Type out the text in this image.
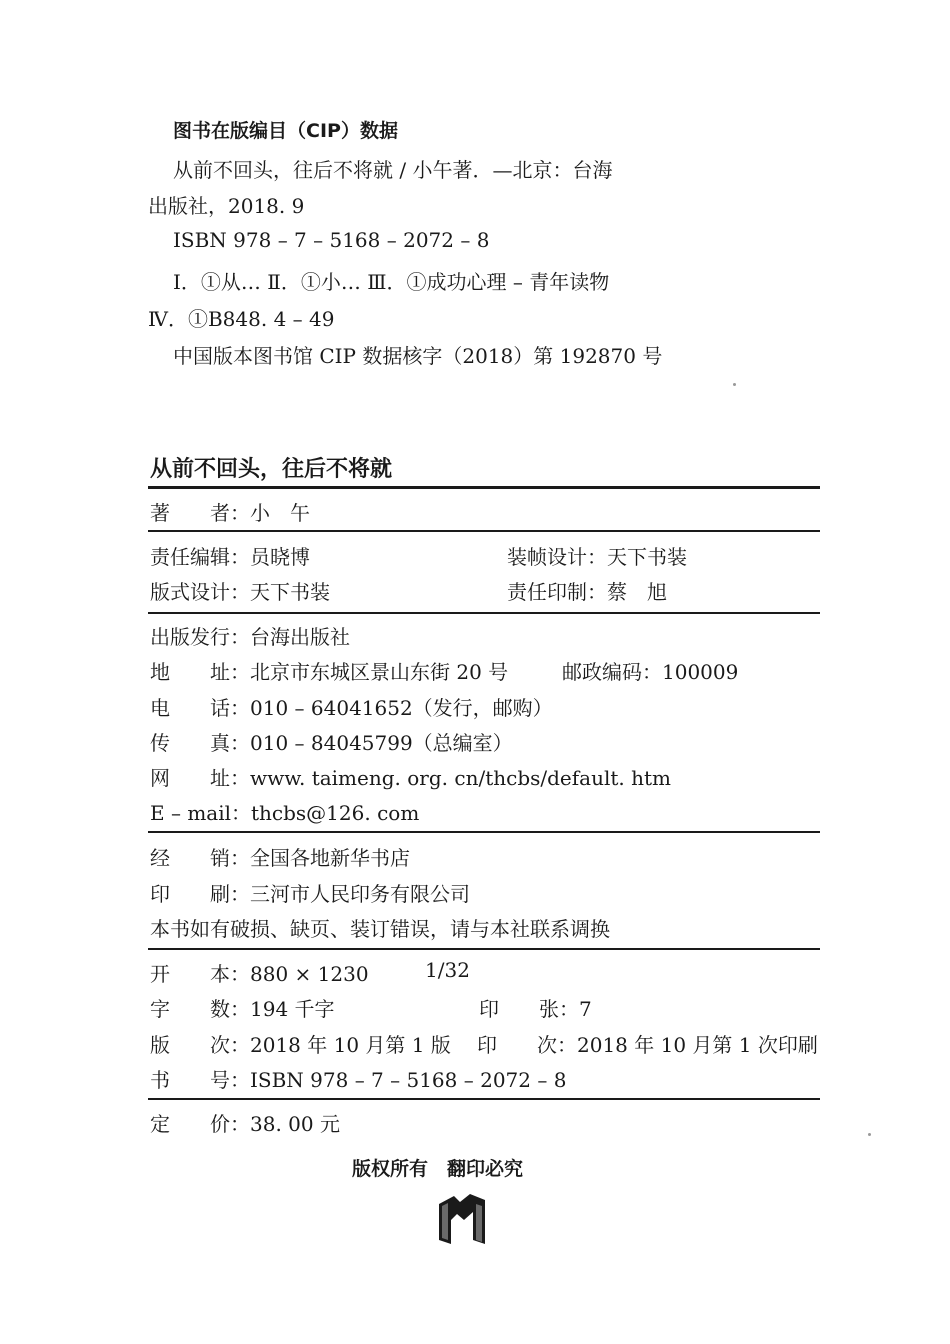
图书在版编目（CIP）数据
从前不回头，往后不将就 / 小午著．—北京：台海
出版社，2018. 9
ISBN 978 – 7 – 5168 – 2072 – 8
Ⅰ．①从… Ⅱ．①小… Ⅲ．①成功心理 – 青年读物
Ⅳ．①B848. 4 – 49
中国版本图书馆 CIP 数据核字（2018）第 192870 号
从前不回头，往后不将就
著　　者：小　午
责任编辑：员晓博	装帧设计：天下书装
版式设计：天下书装	责任印制：蔡　旭
出版发行：台海出版社
地　　址：北京市东城区景山东街 20 号	邮政编码：100009
电　　话：010 – 64041652（发行，邮购）
传　　真：010 – 84045799（总编室）
网　　址：www. taimeng. org. cn/thcbs/default. htm
E – mail：thcbs@126. com
经　　销：全国各地新华书店
印　　刷：三河市人民印务有限公司
本书如有破损、缺页、装订错误，请与本社联系调换
开　　本：880 × 1230	1/32
字　　数：194 千字	印　　张：7
版　　次：2018 年 10 月第 1 版 印　　次：2018 年 10 月第 1 次印刷
书　　号：ISBN 978 – 7 – 5168 – 2072 – 8
定　　价：38. 00 元
版权所有　翻印必究
